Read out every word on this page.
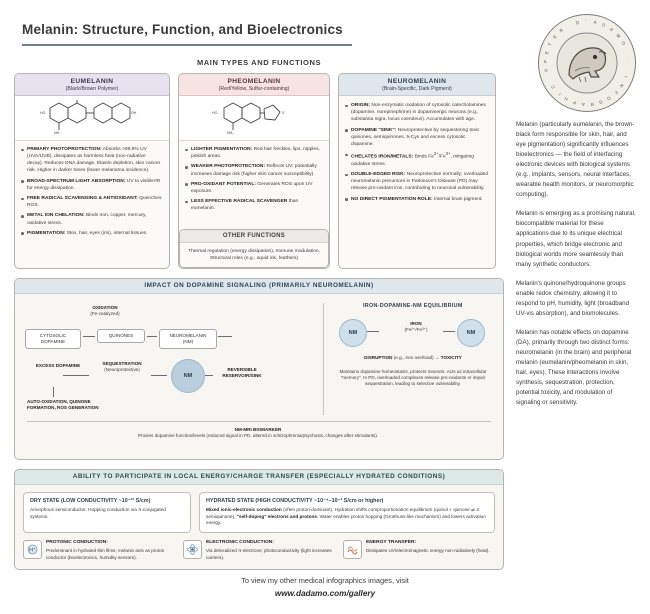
Melanin: Structure, Function, and Bioelectronics
P
E
T
E
R
D ' A D
A
M
O
·
I
N
F
O
G
R
A
P
H
I
C
©
MAIN TYPES AND FUNCTIONS
EUMELANIN
(Black/Brown Polymer)
HO	OH
NH
PRIMARY PHOTOPROTECTION: Absorbs >99.9% UV (UVA/UVB), dissipates as harmless heat (non-radiative decay). Reduces DNA damage, Elastin depletion, skin cancer risk. Higher in darker tones (lower melanoma incidence).
BROAD-SPECTRUM LIGHT ABSORPTION: UV to visible/IR for energy dissipation.
FREE RADICAL SCAVENGING & ANTIOXIDANT: Quenches ROS.
METAL ION CHELATION: Binds iron, copper, mercury, oxidative stress.
PIGMENTATION: Skin, hair, eyes (iris), internal tissues.
PHEOMELANIN
(Red/Yellow, Sulfur-containing)
HO	S
NH₂
LIGHTER PIGMENTATION: Red hair freckles, lips, nipples, pinkish areas.
WEAKER PHOTOPROTECTION: Reflects UV; potentially increases damage risk (higher skin cancer susceptibility).
PRO-OXIDANT POTENTIAL: Generates ROS upon UV exposure.
LESS EFFECTIVE RADICAL SCAVENGER than eumelanin.
OTHER FUNCTIONS
Thermal regulation (energy dissipation), Immune modulation, Structural roles (e.g., squid ink, feathers)
NEUROMELANIN
(Brain-Specific, Dark Pigment)
ORIGIN: Non-enzymatic oxidation of cytosolic catecholamines (dopamine, norepinephrine) in dopaminergic neurons (e.g., substantia nigra, locus coeruleus). Accumulates with age.
DOPAMINE "SINK": Neuroprotective by sequestering toxic quinones, semiquinones, 5-Cys and excess cytosolic dopamine.
CHELATES IRON/METALS: Binds $Fe^{2+}/Fe^{3+}$, mitigating oxidative stress.
DOUBLE-EDGED RISK: Neuroprotective normally; overloaded neuromelanin precursors in Parkinson's Disease (PD) may release pro-oxidant iron, contributing to neuronal vulnerability.
NO DIRECT PIGMENTATION ROLE: Internal brain pigment.
IMPACT ON DOPAMINE SIGNALING (PRIMARILY NEUROMELANIN)
OXIDATION
(Fe-catalyzed)
CYTOSOLIC DOPAMINE
QUINONES	NEUROMELANIN (NM)
EXCESS DOPAMINE	SEQUESTRATION
(Neuroprotective)
NM
REVERSIBLE RESERVOIR/SINK
AUTO-OXIDATION, QUINONE FORMATION, ROS GENERATION
IRON-DOPAMINE-NM EQUILIBRIUM
NM	NM
IRON
(Fe²⁺/Fe³⁺)
DISRUPTION (e.g., iron overload) → TOXICITY
Maintains dopamine homeostasis, protects neurons. Acts as intracellular "memory". In PD, overloaded complexes release pro-oxidants or impair sequestration, leading to selective vulnerability.
NM-MRI BIOMARKER
Proxies dopamine function/levels (reduced signal in PD, altered in schizophrenia/psychosis, changes after stimulants).
ABILITY TO PARTICIPATE IN LOCAL ENERGY/CHARGE TRANSFER (ESPECIALLY HYDRATED CONDITIONS)
DRY STATE (LOW CONDUCTIVITY ~10⁻¹³ S/cm)
Amorphous semiconductor. Hopping conduction via π-conjugated systems.
HYDRATED STATE (HIGH CONDUCTIVITY ~10⁻⁴–10⁻³ S/cm or higher)
Mixed ionic-electronic conduction (often proton-dominant). Hydration shifts comproportionation equilibrium (quinol + quinone ⇌ 2 semiquinone), "self-doping" electrons and protons. Water enables proton hopping (Grotthuss-like mechanism) and lowers activation energy.
H⁺
PROTONIC CONDUCTION:
Predominant in hydrated thin films; melanin acts as proton conductor (bioelectronics, humidity sensors).
ELECTRONIC CONDUCTION:
Via delocalized π-electrons; photoconductivity (light increases carriers).
ENERGY TRANSFER:
Dissipates UV/electromagnetic energy non-radiatively (heat).

Melanin (particularly eumelanin, the brown-black form responsible for skin, hair, and eye pigmentation) significantly influences bioelectronics — the field of interfacing electronic devices with biological systems (e.g., implants, sensors, neural interfaces, wearable health monitors, or neuromorphic computing).

Melanin is emerging as a promising natural, biocompatible material for these applications due to its unique electrical properties, which bridge electronic and biological worlds more seamlessly than many synthetic conductors.

Melanin's quinone/hydroquinone groups enable redox chemistry, allowing it to respond to pH, humidity, light (broadband UV-vis absorption), and biomolecules.

Melanin has notable effects on dopamine (DA), primarily through two distinct forms: neuromelanin (in the brain) and peripheral melanin (eumelanin/pheomelanin in skin, hair, eyes). These interactions involve synthesis, sequestration, protection, potential toxicity, and modulation of signaling or sensitivity.

To view my other medical infographics images, visit
www.dadamo.com/gallery
